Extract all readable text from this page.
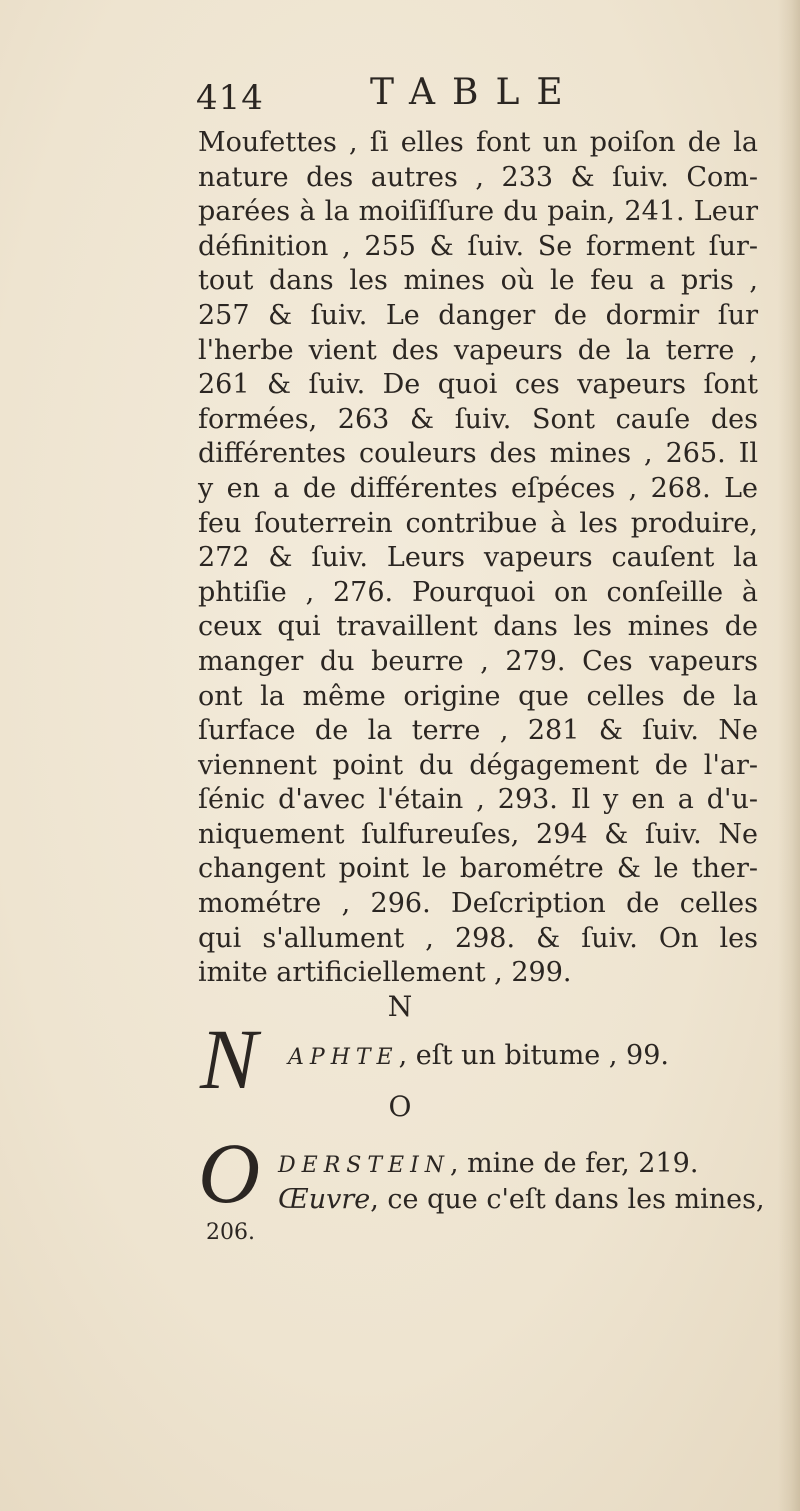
414	TABLE
Moufettes , ſi elles font un poiſon de la
nature des autres , 233 & ſuiv. Com-
parées à la moiſiſſure du pain, 241. Leur
définition , 255 & ſuiv. Se forment ſur-
tout dans les mines où le feu a pris ,
257 & ſuiv. Le danger de dormir ſur
l'herbe vient des vapeurs de la terre ,
261 & ſuiv. De quoi ces vapeurs ſont
formées, 263 & ſuiv. Sont cauſe des
différentes couleurs des mines , 265. Il
y en a de différentes eſpéces , 268. Le
feu ſouterrein contribue à les produire,
272 & ſuiv. Leurs vapeurs cauſent la
phtiſie , 276. Pourquoi on conſeille à
ceux qui travaillent dans les mines de
manger du beurre , 279. Ces vapeurs
ont la même origine que celles de la
ſurface de la terre , 281 & ſuiv. Ne
viennent point du dégagement de l'ar-
ſénic d'avec l'étain , 293. Il y en a d'u-
niquement ſulfureuſes, 294 & ſuiv. Ne
changent point le barométre & le ther-
mométre , 296. Deſcription de celles
qui s'allument , 298. & ſuiv. On les
imite artificiellement , 299.
N
N APHTE, eſt un bitume , 99.
O
O DERSTEIN, mine de fer, 219.
Œuvre, ce que c'eſt dans les mines,
206.
